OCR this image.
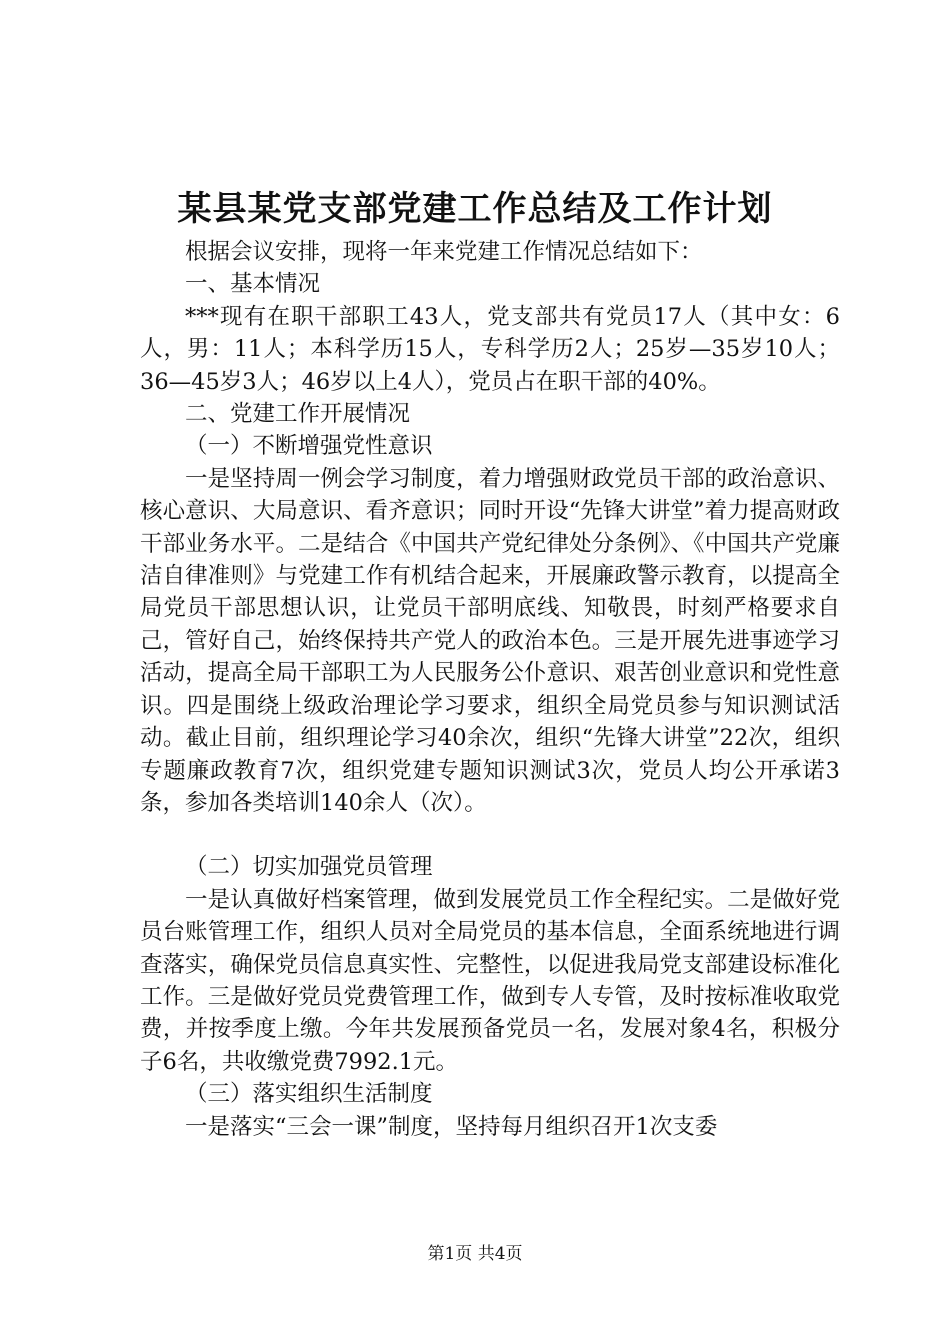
某县某党支部党建工作总结及工作计划

根据会议安排，现将一年来党建工作情况总结如下：

一、基本情况

***现有在职干部职工43人，党支部共有党员17人（其中女：6人，男：11人；本科学历15人，专科学历2人；25岁—35岁10人；36—45岁3人；46岁以上4人），党员占在职干部的40%。

二、党建工作开展情况

（一）不断增强党性意识

一是坚持周一例会学习制度，着力增强财政党员干部的政治意识、核心意识、大局意识、看齐意识；同时开设“先锋大讲堂”着力提高财政干部业务水平。二是结合《中国共产党纪律处分条例》、《中国共产党廉洁自律准则》与党建工作有机结合起来，开展廉政警示教育，以提高全局党员干部思想认识，让党员干部明底线、知敬畏，时刻严格要求自己，管好自己，始终保持共产党人的政治本色。三是开展先进事迹学习活动，提高全局干部职工为人民服务公仆意识、艰苦创业意识和党性意识。四是围绕上级政治理论学习要求，组织全局党员参与知识测试活动。截止目前，组织理论学习40余次，组织“先锋大讲堂”22次，组织专题廉政教育7次，组织党建专题知识测试3次，党员人均公开承诺3条，参加各类培训140余人（次）。

（二）切实加强党员管理

一是认真做好档案管理，做到发展党员工作全程纪实。二是做好党员台账管理工作，组织人员对全局党员的基本信息，全面系统地进行调查落实，确保党员信息真实性、完整性，以促进我局党支部建设标准化工作。三是做好党员党费管理工作，做到专人专管，及时按标准收取党费，并按季度上缴。今年共发展预备党员一名，发展对象4名，积极分子6名，共收缴党费7992.1元。

（三）落实组织生活制度

一是落实“三会一课”制度，坚持每月组织召开1次支委

第1页 共4页
